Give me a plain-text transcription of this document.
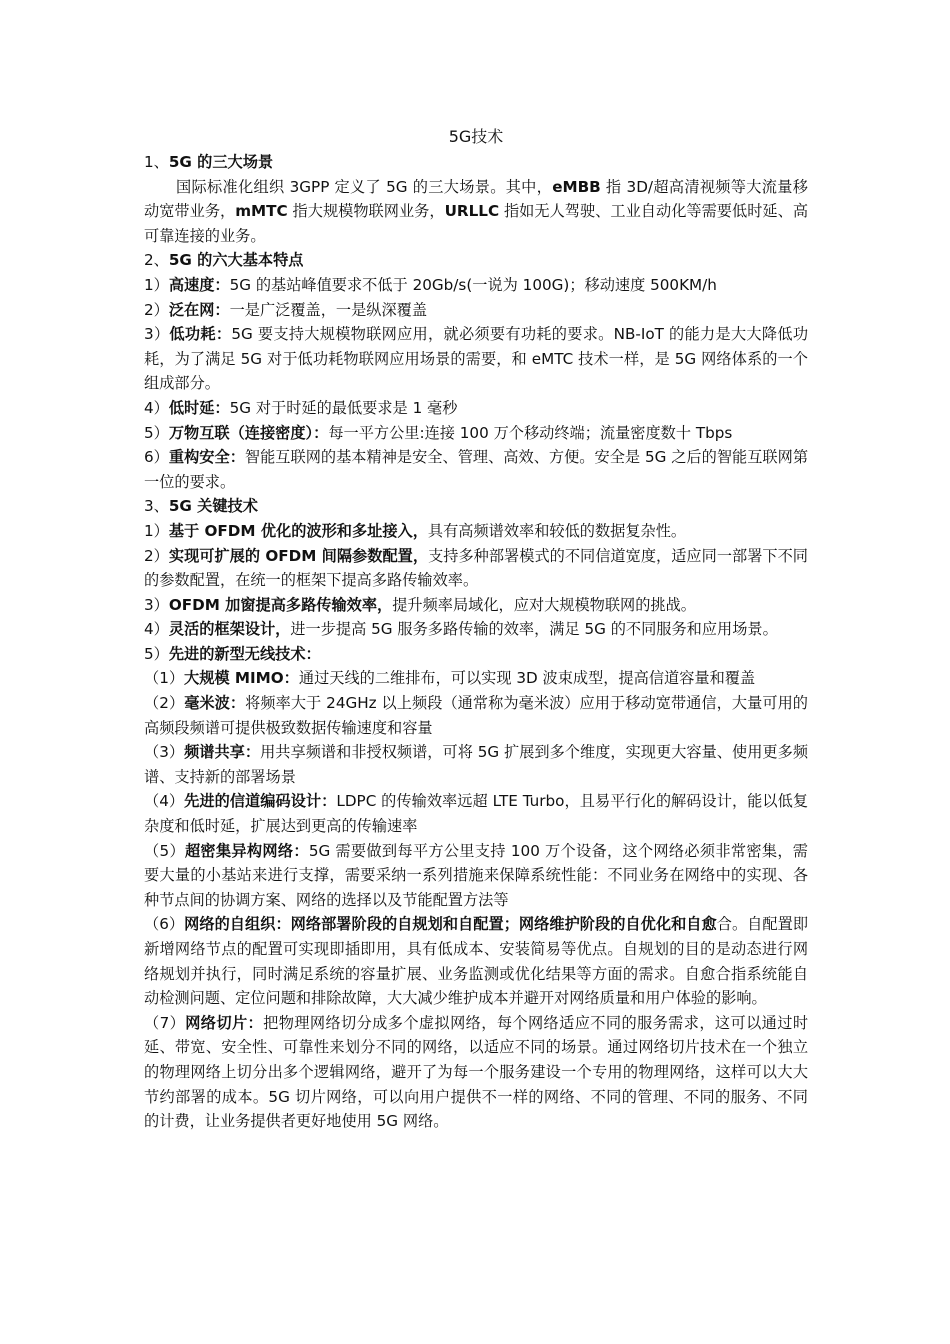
5G技术

1、5G 的三大场景

国际标准化组织 3GPP 定义了 5G 的三大场景。其中，eMBB 指 3D/超高清视频等大流量移动宽带业务，mMTC 指大规模物联网业务，URLLC 指如无人驾驶、工业自动化等需要低时延、高可靠连接的业务。

2、5G 的六大基本特点

1）高速度：5G 的基站峰值要求不低于 20Gb/s(一说为 100G)；移动速度 500KM/h

2）泛在网：一是广泛覆盖，一是纵深覆盖

3）低功耗：5G 要支持大规模物联网应用，就必须要有功耗的要求。NB-IoT 的能力是大大降低功耗，为了满足 5G 对于低功耗物联网应用场景的需要，和 eMTC 技术一样，是 5G 网络体系的一个组成部分。

4）低时延：5G 对于时延的最低要求是 1 毫秒

5）万物互联（连接密度）：每一平方公里:连接 100 万个移动终端；流量密度数十 Tbps

6）重构安全：智能互联网的基本精神是安全、管理、高效、方便。安全是 5G 之后的智能互联网第一位的要求。

3、5G 关键技术

1）基于 OFDM 优化的波形和多址接入，具有高频谱效率和较低的数据复杂性。

2）实现可扩展的 OFDM 间隔参数配置，支持多种部署模式的不同信道宽度，适应同一部署下不同的参数配置，在统一的框架下提高多路传输效率。

3）OFDM 加窗提高多路传输效率，提升频率局域化，应对大规模物联网的挑战。

4）灵活的框架设计，进一步提高 5G 服务多路传输的效率，满足 5G 的不同服务和应用场景。

5）先进的新型无线技术：

（1）大规模 MIMO：通过天线的二维排布，可以实现 3D 波束成型，提高信道容量和覆盖

（2）毫米波：将频率大于 24GHz 以上频段（通常称为毫米波）应用于移动宽带通信，大量可用的高频段频谱可提供极致数据传输速度和容量

（3）频谱共享：用共享频谱和非授权频谱，可将 5G 扩展到多个维度，实现更大容量、使用更多频谱、支持新的部署场景

（4）先进的信道编码设计：LDPC 的传输效率远超 LTE Turbo，且易平行化的解码设计，能以低复杂度和低时延，扩展达到更高的传输速率

（5）超密集异构网络：5G 需要做到每平方公里支持 100 万个设备，这个网络必须非常密集，需要大量的小基站来进行支撑，需要采纳一系列措施来保障系统性能：不同业务在网络中的实现、各种节点间的协调方案、网络的选择以及节能配置方法等

（6）网络的自组织：网络部署阶段的自规划和自配置；网络维护阶段的自优化和自愈合。自配置即新增网络节点的配置可实现即插即用，具有低成本、安装简易等优点。自规划的目的是动态进行网络规划并执行，同时满足系统的容量扩展、业务监测或优化结果等方面的需求。自愈合指系统能自动检测问题、定位问题和排除故障，大大减少维护成本并避开对网络质量和用户体验的影响。

（7）网络切片：把物理网络切分成多个虚拟网络，每个网络适应不同的服务需求，这可以通过时延、带宽、安全性、可靠性来划分不同的网络，以适应不同的场景。通过网络切片技术在一个独立的物理网络上切分出多个逻辑网络，避开了为每一个服务建设一个专用的物理网络，这样可以大大节约部署的成本。5G 切片网络，可以向用户提供不一样的网络、不同的管理、不同的服务、不同的计费，让业务提供者更好地使用 5G 网络。
